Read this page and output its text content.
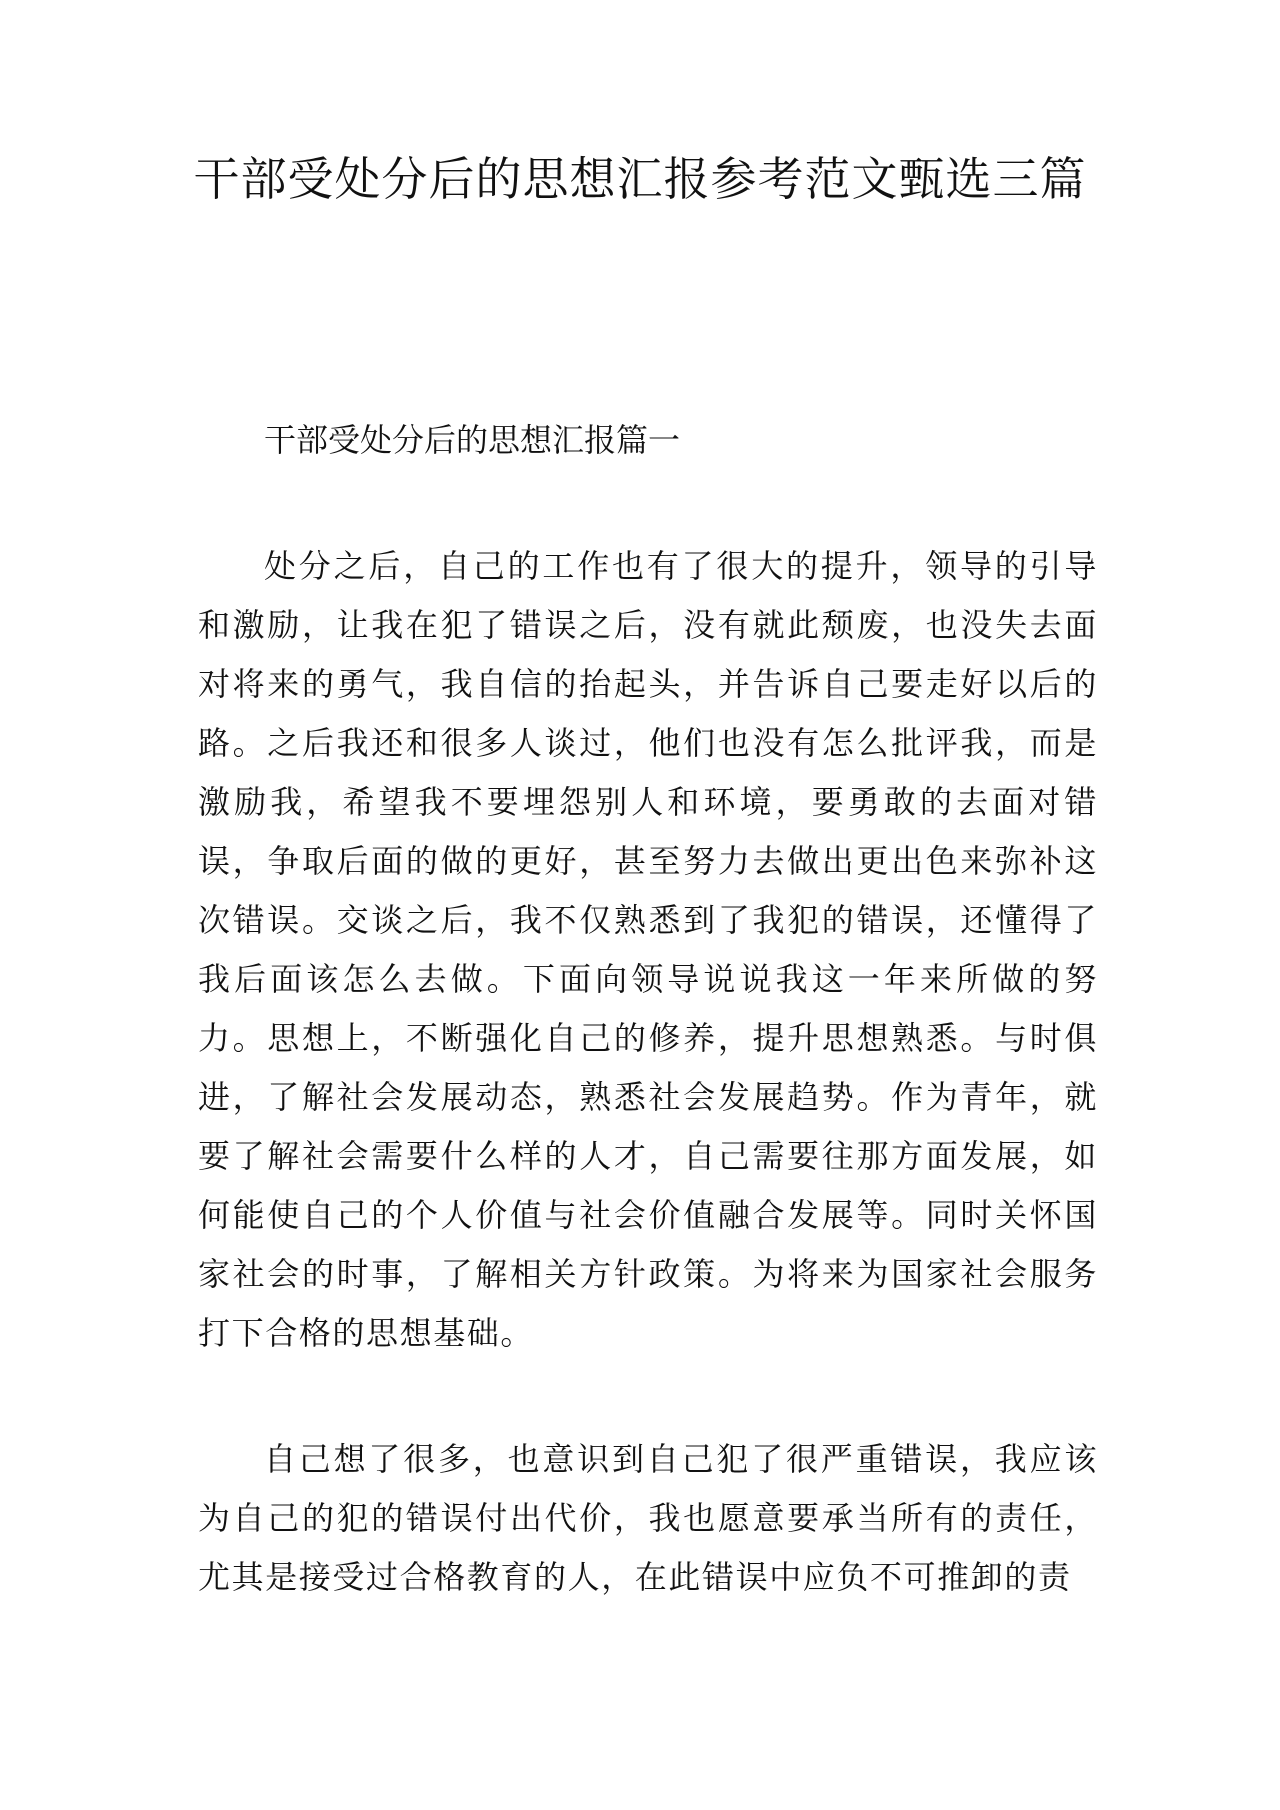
干部受处分后的思想汇报参考范文甄选三篇
干部受处分后的思想汇报篇一

处分之后，自己的工作也有了很大的提升，领导的引导和激励，让我在犯了错误之后，没有就此颓废，也没失去面对将来的勇气，我自信的抬起头，并告诉自己要走好以后的路。之后我还和很多人谈过，他们也没有怎么批评我，而是激励我，希望我不要埋怨别人和环境，要勇敢的去面对错误，争取后面的做的更好，甚至努力去做出更出色来弥补这次错误。交谈之后，我不仅熟悉到了我犯的错误，还懂得了我后面该怎么去做。下面向领导说说我这一年来所做的努力。思想上，不断强化自己的修养，提升思想熟悉。与时俱进，了解社会发展动态，熟悉社会发展趋势。作为青年，就要了解社会需要什么样的人才，自己需要往那方面发展，如何能使自己的个人价值与社会价值融合发展等。同时关怀国家社会的时事，了解相关方针政策。为将来为国家社会服务打下合格的思想基础。

自己想了很多，也意识到自己犯了很严重错误，我应该为自己的犯的错误付出代价，我也愿意要承当所有的责任，尤其是接受过合格教育的人，在此错误中应负不可推卸的责
